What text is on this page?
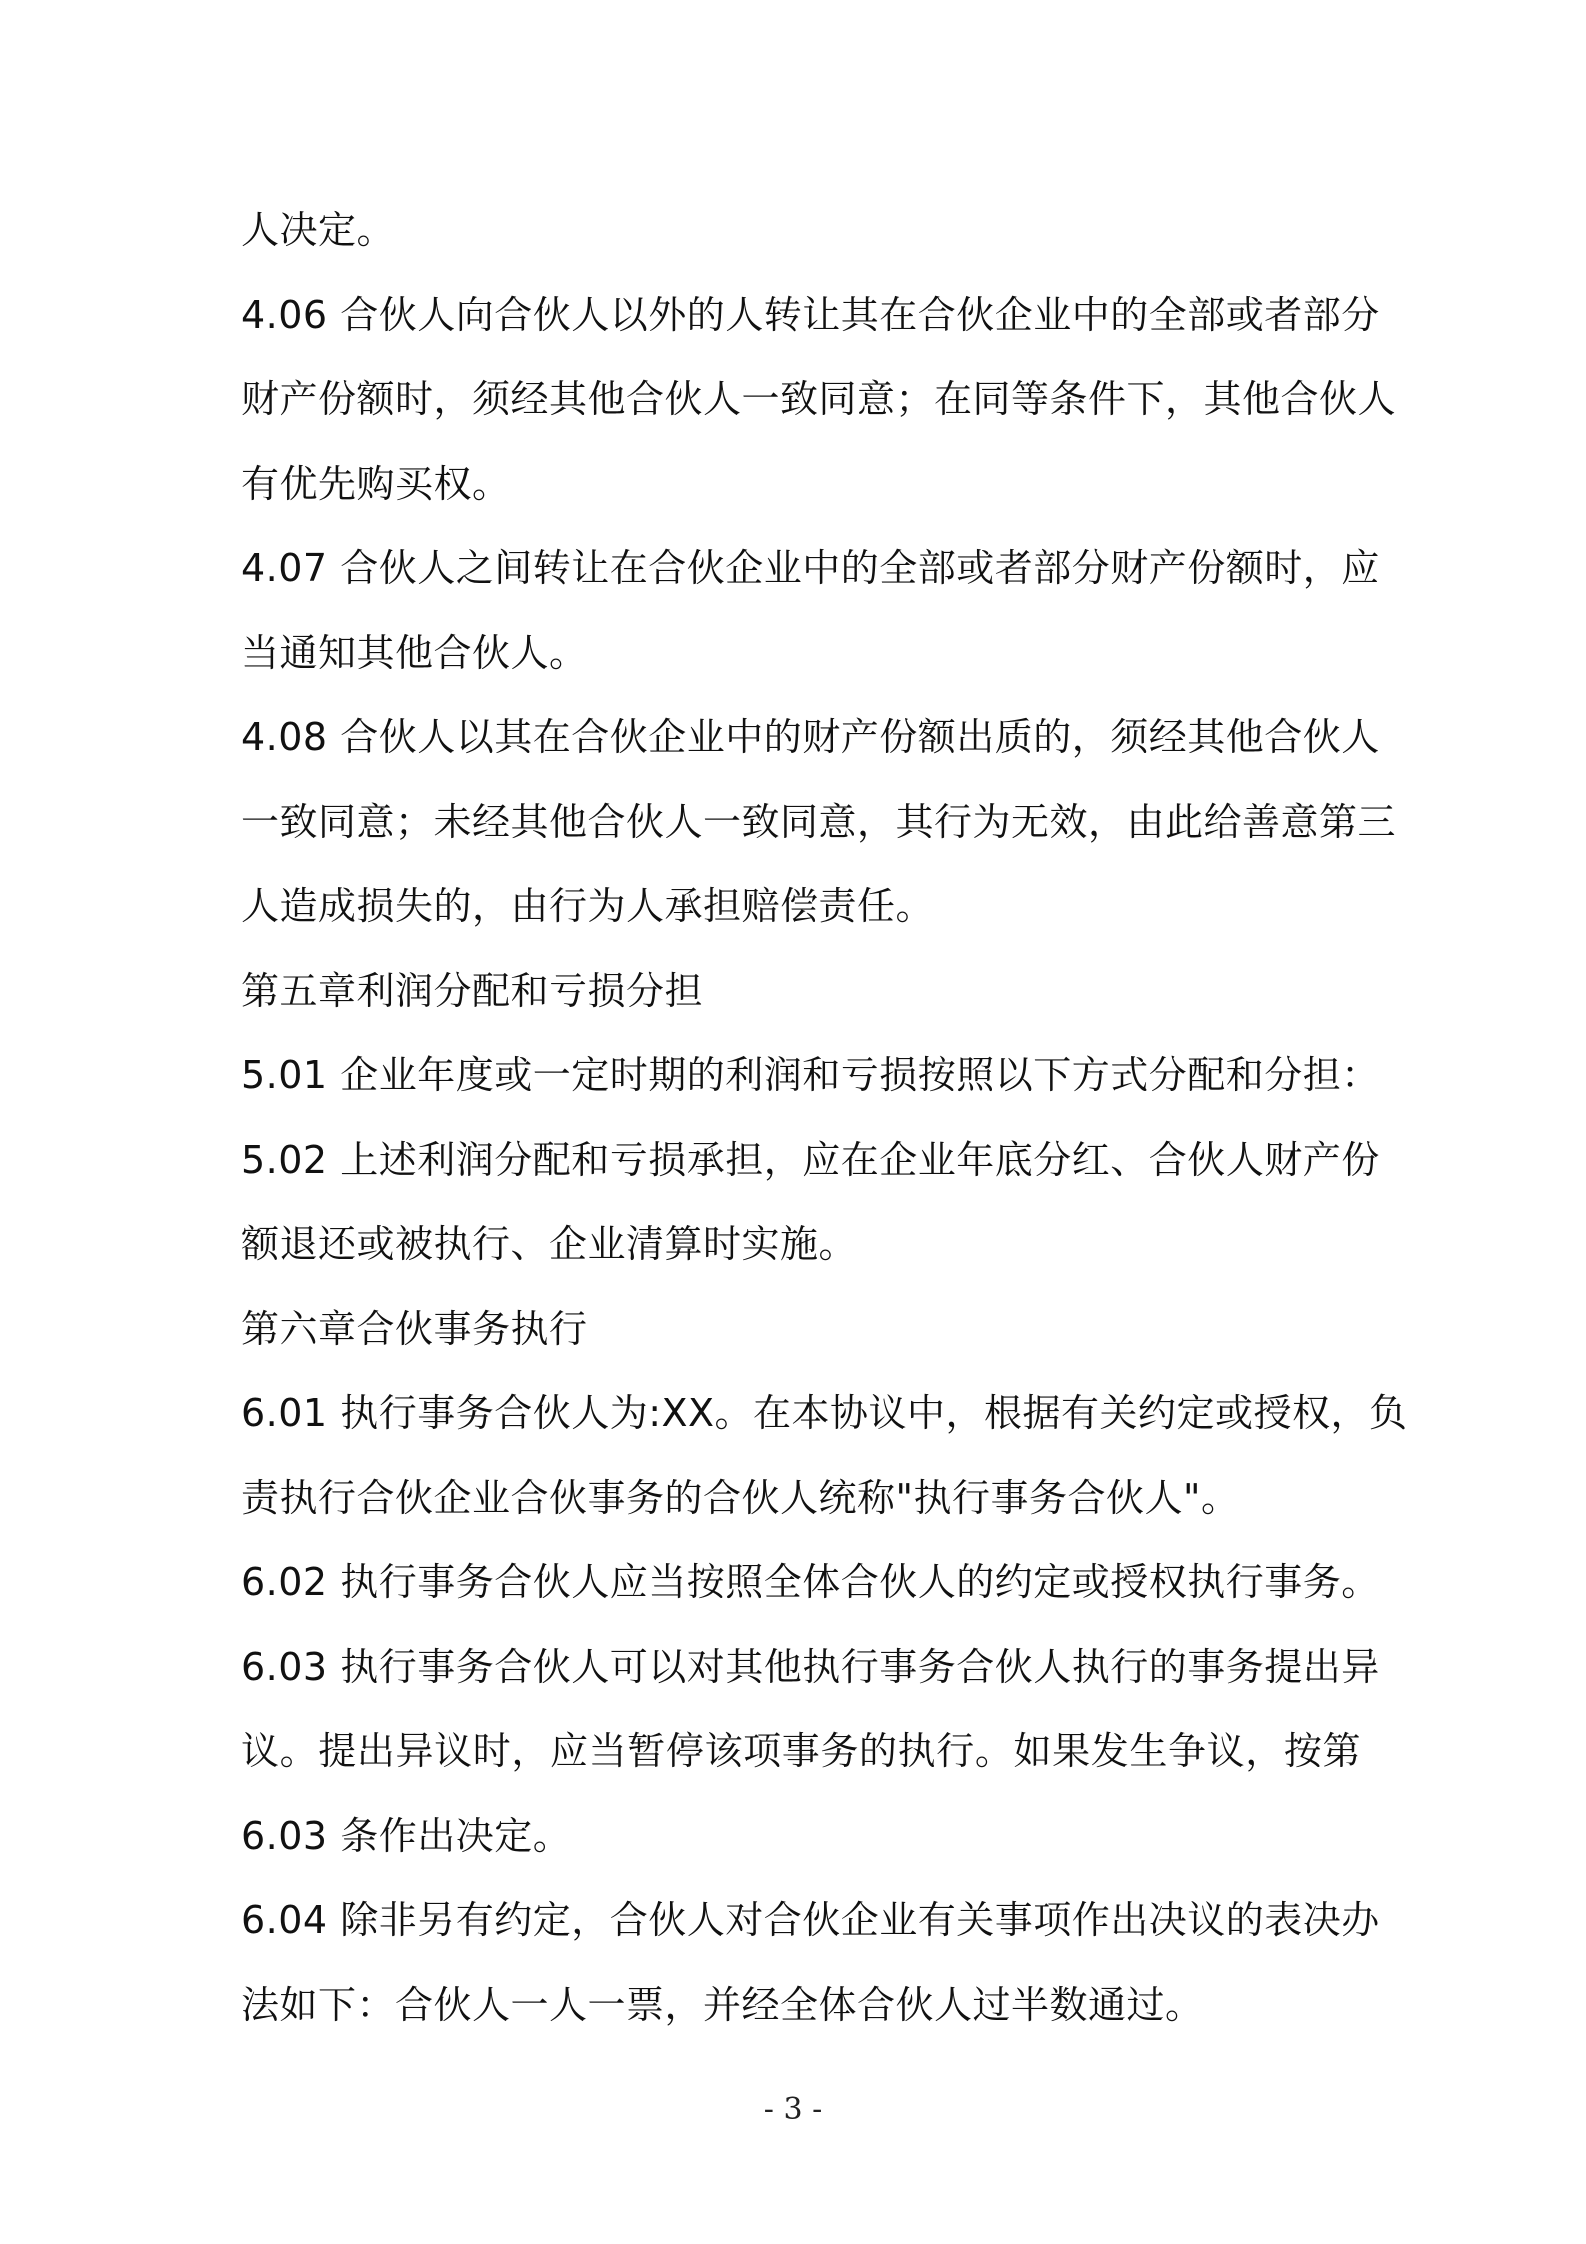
人决定。
4.06 合伙人向合伙人以外的人转让其在合伙企业中的全部或者部分
财产份额时，须经其他合伙人一致同意；在同等条件下，其他合伙人
有优先购买权。
4.07 合伙人之间转让在合伙企业中的全部或者部分财产份额时，应
当通知其他合伙人。
4.08 合伙人以其在合伙企业中的财产份额出质的，须经其他合伙人
一致同意；未经其他合伙人一致同意，其行为无效，由此给善意第三
人造成损失的，由行为人承担赔偿责任。
第五章利润分配和亏损分担
5.01 企业年度或一定时期的利润和亏损按照以下方式分配和分担：
5.02 上述利润分配和亏损承担，应在企业年底分红、合伙人财产份
额退还或被执行、企业清算时实施。
第六章合伙事务执行
6.01 执行事务合伙人为:XX。在本协议中，根据有关约定或授权，负
责执行合伙企业合伙事务的合伙人统称"执行事务合伙人"。
6.02 执行事务合伙人应当按照全体合伙人的约定或授权执行事务。
6.03 执行事务合伙人可以对其他执行事务合伙人执行的事务提出异
议。提出异议时，应当暂停该项事务的执行。如果发生争议，按第
6.03 条作出决定。
6.04 除非另有约定，合伙人对合伙企业有关事项作出决议的表决办
法如下：合伙人一人一票，并经全体合伙人过半数通过。
- 3 -
